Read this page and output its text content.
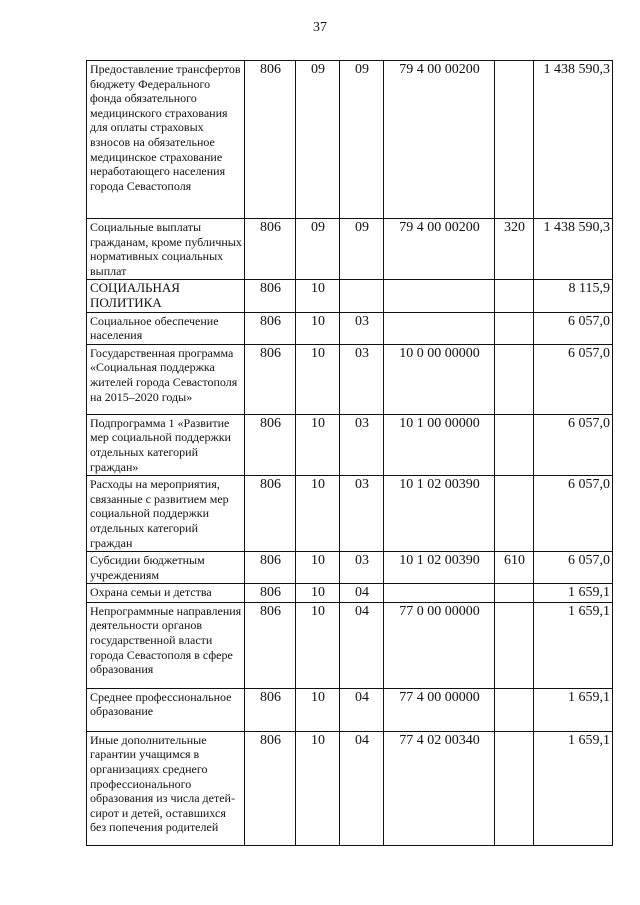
37
Предоставление трансфертов бюджету Федерального фонда обязательного медицинского страхования для оплаты страховых взносов на обязательное медицинское страхование неработающего населения города Севастополя	806	09	09	79 4 00 00200		1 438 590,3
Социальные выплаты гражданам, кроме публичных нормативных социальных выплат	806	09	09	79 4 00 00200	320	1 438 590,3
СОЦИАЛЬНАЯ ПОЛИТИКА	806	10				8 115,9
Социальное обеспечение населения	806	10	03			6 057,0
Государственная программа «Социальная поддержка жителей города Севастополя на 2015–2020 годы»	806	10	03	10 0 00 00000		6 057,0
Подпрограмма 1 «Развитие мер социальной поддержки отдельных категорий граждан»	806	10	03	10 1 00 00000		6 057,0
Расходы на мероприятия, связанные с развитием мер социальной поддержки отдельных категорий граждан	806	10	03	10 1 02 00390		6 057,0
Субсидии бюджетным учреждениям	806	10	03	10 1 02 00390	610	6 057,0
Охрана семьи и детства	806	10	04			1 659,1
Непрограммные направления деятельности органов государственной власти города Севастополя в сфере образования	806	10	04	77 0 00 00000		1 659,1
Среднее профессиональное образование	806	10	04	77 4 00 00000		1 659,1
Иные дополнительные гарантии учащимся в организациях среднего профессионального образования из числа детей-сирот и детей, оставшихся без попечения родителей	806	10	04	77 4 02 00340		1 659,1
